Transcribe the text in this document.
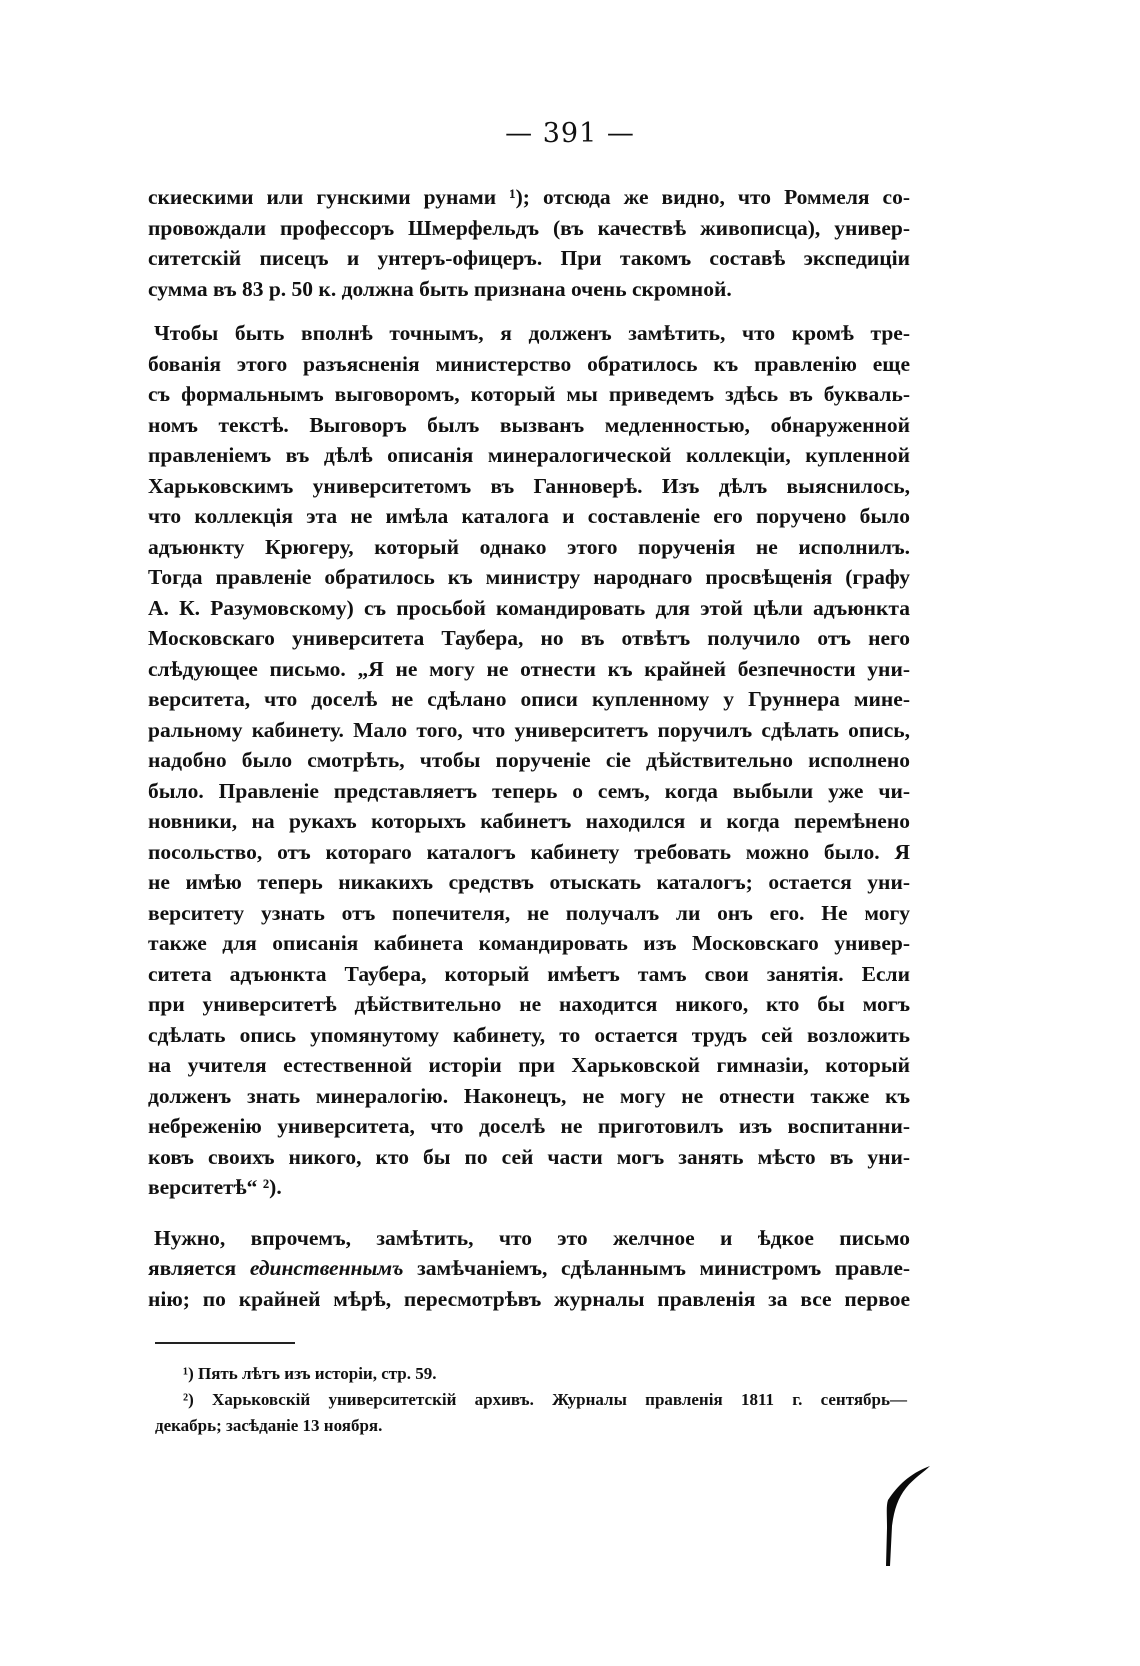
— 391 —
скиескими или гунскими рунами ¹); отсюда же видно, что Роммеля со-
провождали профессоръ Шмерфельдъ (въ качествѣ живописца), универ-
ситетскій писецъ и унтеръ-офицеръ. При такомъ составѣ экспедиціи
сумма въ 83 р. 50 к. должна быть признана очень скромной.
Чтобы быть вполнѣ точнымъ, я долженъ замѣтить, что кромѣ тре-
бованія этого разъясненія министерство обратилось къ правленію еще
съ формальнымъ выговоромъ, который мы приведемъ здѣсь въ букваль-
номъ текстѣ. Выговоръ былъ вызванъ медленностью, обнаруженной
правленіемъ въ дѣлѣ описанія минералогической коллекціи, купленной
Харьковскимъ университетомъ въ Ганноверѣ. Изъ дѣлъ выяснилось,
что коллекція эта не имѣла каталога и составленіе его поручено было
адъюнкту Крюгеру, который однако этого порученія не исполнилъ.
Тогда правленіе обратилось къ министру народнаго просвѣщенія (графу
А. К. Разумовскому) съ просьбой командировать для этой цѣли адъюнкта
Московскаго университета Таубера, но въ отвѣтъ получило отъ него
слѣдующее письмо. „Я не могу не отнести къ крайней безпечности уни-
верситета, что доселѣ не сдѣлано описи купленному у Груннера мине-
ральному кабинету. Мало того, что университетъ поручилъ сдѣлать опись,
надобно было смотрѣть, чтобы порученіе сіе дѣйствительно исполнено
было. Правленіе представляетъ теперь о семъ, когда выбыли уже чи-
новники, на рукахъ которыхъ кабинетъ находился и когда перемѣнено
посольство, отъ котораго каталогъ кабинету требовать можно было. Я
не имѣю теперь никакихъ средствъ отыскать каталогъ; остается уни-
верситету узнать отъ попечителя, не получалъ ли онъ его. Не могу
также для описанія кабинета командировать изъ Московскаго универ-
ситета адъюнкта Таубера, который имѣетъ тамъ свои занятія. Если
при университетѣ дѣйствительно не находится никого, кто бы могъ
сдѣлать опись упомянутому кабинету, то остается трудъ сей возложить
на учителя естественной исторіи при Харьковской гимназіи, который
долженъ знать минералогію. Наконецъ, не могу не отнести также къ
небреженію университета, что доселѣ не приготовилъ изъ воспитанни-
ковъ своихъ никого, кто бы по сей части могъ занять мѣсто въ уни-
верситетѣ“ ²).
Нужно, впрочемъ, замѣтить, что это желчное и ѣдкое письмо
является единственнымъ замѣчаніемъ, сдѣланнымъ министромъ правле-
нію; по крайней мѣрѣ, пересмотрѣвъ журналы правленія за все первое
¹) Пять лѣтъ изъ исторіи, стр. 59.
²) Харьковскій университетскій архивъ. Журналы правленія 1811 г. сентябрь—
декабрь; засѣданіе 13 ноября.
